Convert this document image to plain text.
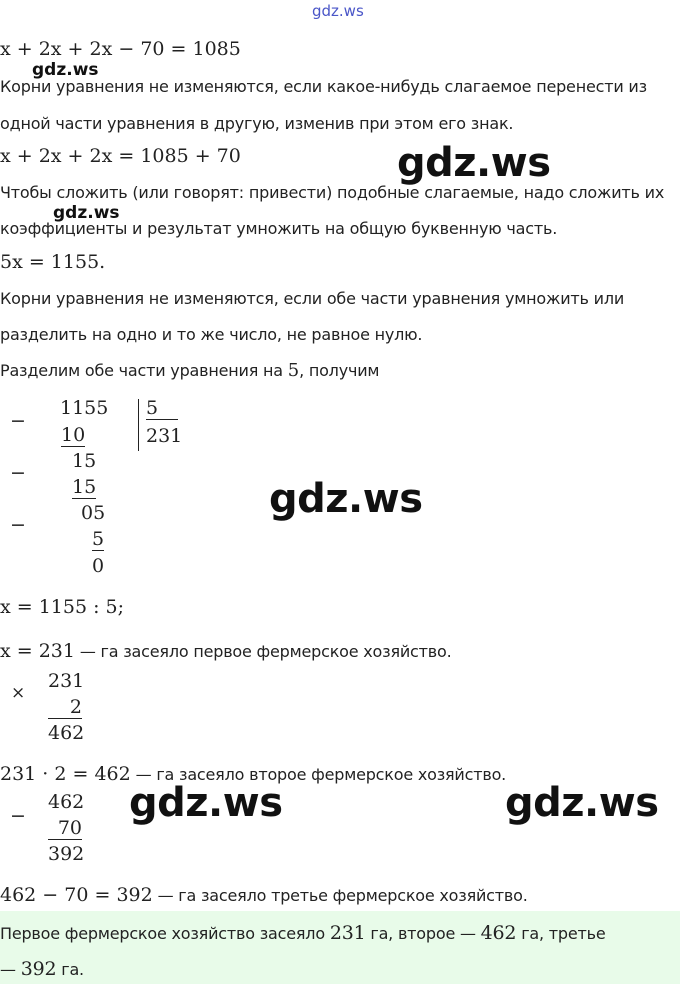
gdz.ws
x + 2x + 2x − 70 = 1085
gdz.ws
Корни уравнения не изменяются, если какое-нибудь слагаемое перенести из
одной части уравнения в другую, изменив при этом его знак.
x + 2x + 2x = 1085 + 70	gdz.ws
Чтобы сложить (или говорят: привести) подобные слагаемые, надо сложить их
gdz.ws
коэффициенты и результат умножить на общую буквенную часть.
5x = 1155.
Корни уравнения не изменяются, если обе части уравнения умножить или
разделить на одно и то же число, не равное нулю.
Разделим обе части уравнения на 5, получим
−
1155
10
5
231
−
15
15
−
05
5
0
gdz.ws
x = 1155 : 5;
x = 231 — га засеяло первое фермерское хозяйство.
×
231
2
462
231 · 2 = 462 — га засеяло второе фермерское хозяйство.
−
462
70
392
gdz.ws	gdz.ws
462 − 70 = 392 — га засеяло третье фермерское хозяйство.
Первое фермерское хозяйство засеяло 231 га, второе — 462 га, третье
— 392 га.
